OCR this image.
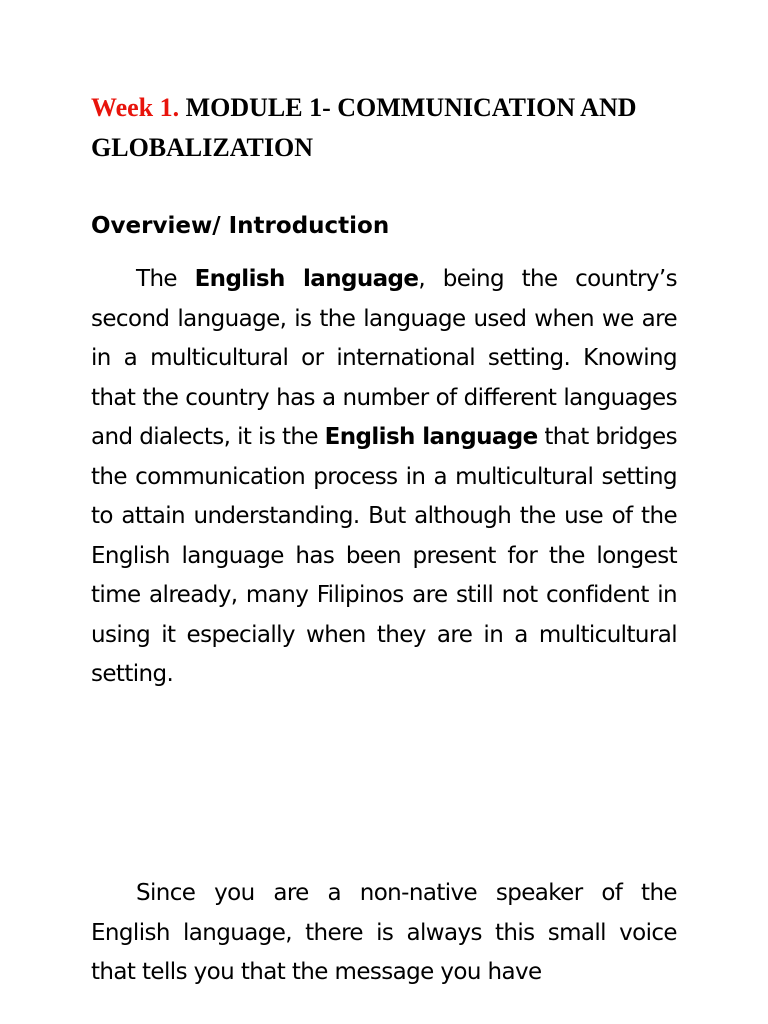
Week 1. MODULE 1- COMMUNICATION AND GLOBALIZATION
Overview/ Introduction

The English language, being the country’s second language, is the language used when we are in a multicultural or international setting. Knowing that the country has a number of different languages and dialects, it is the English language that bridges the communication process in a multicultural setting to attain understanding. But although the use of the English language has been present for the longest time already, many Filipinos are still not confident in using it especially when they are in a multicultural setting.

Since you are a non-native speaker of the English language, there is always this small voice that tells you that the message you have
